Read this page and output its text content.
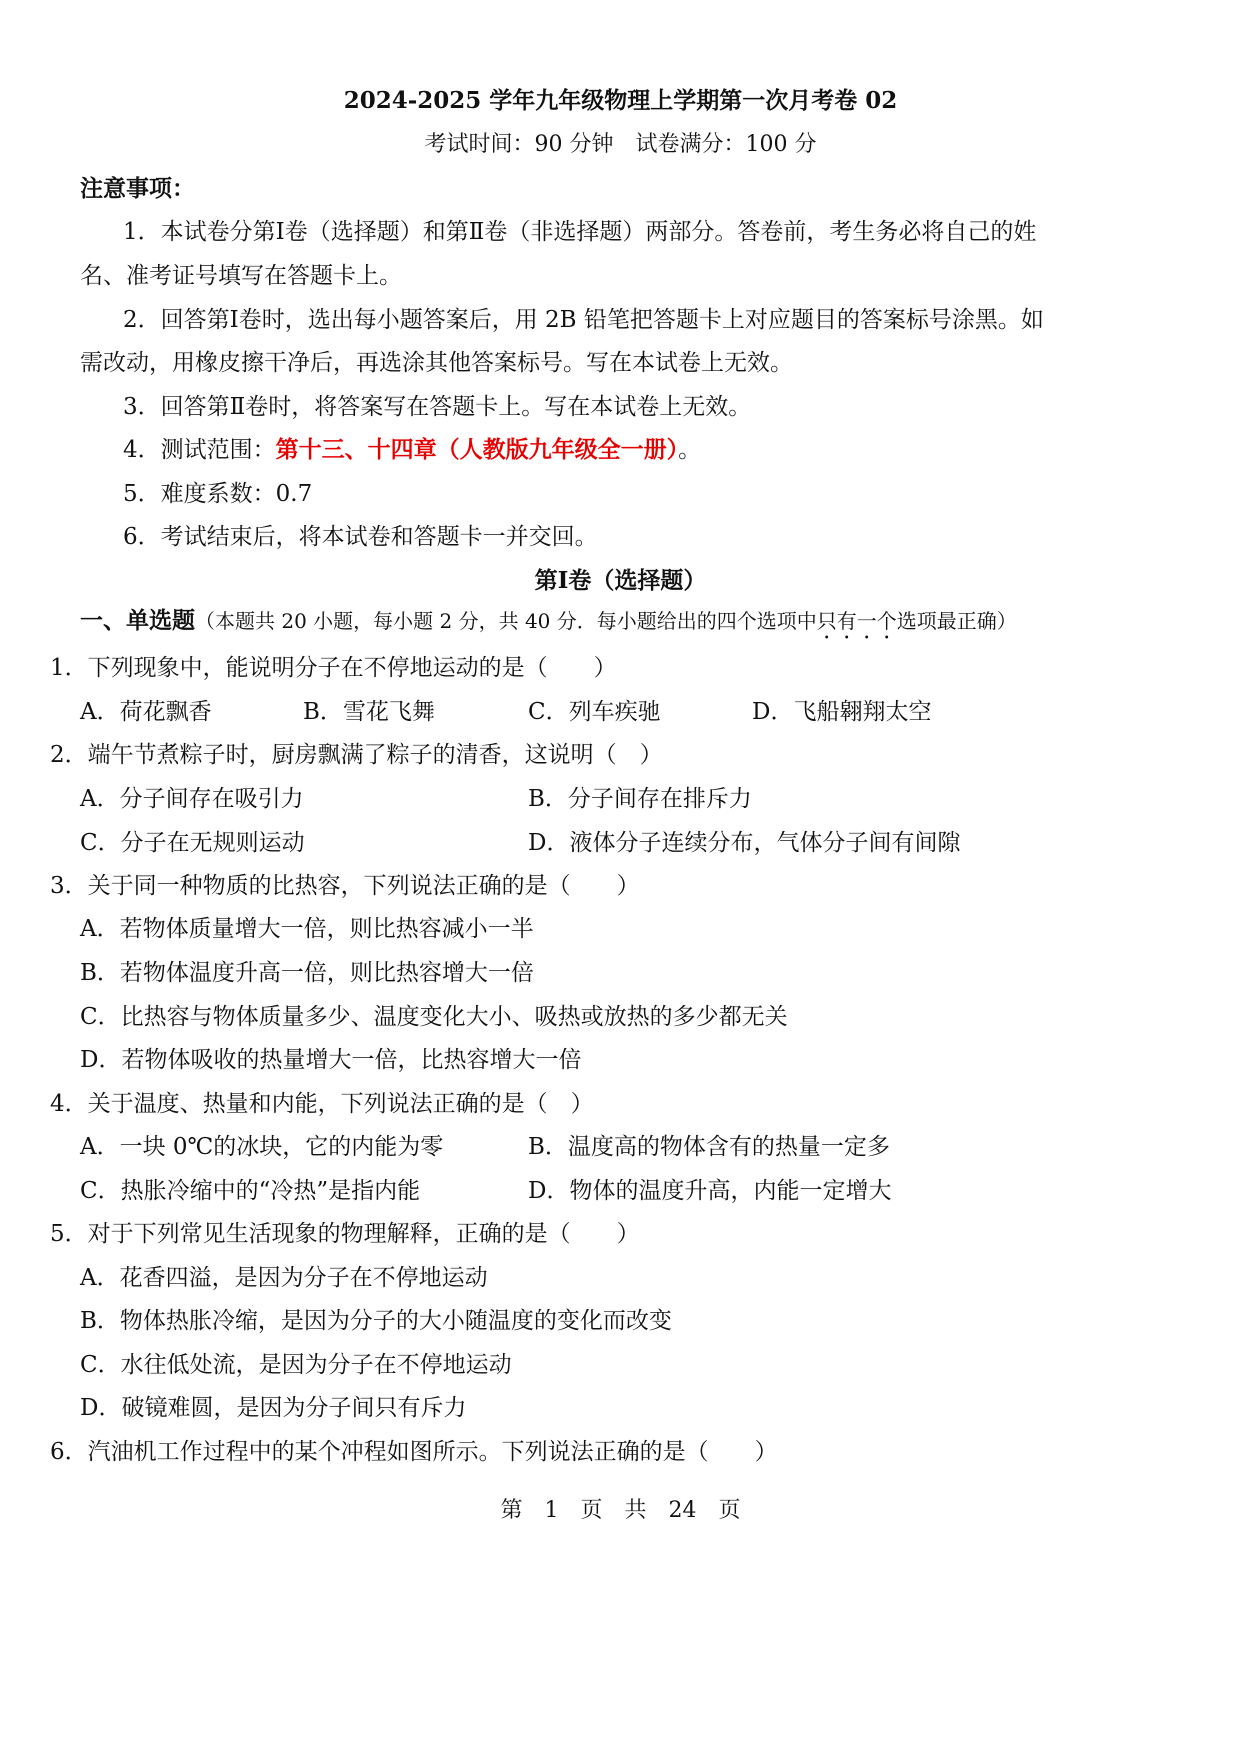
2024-2025 学年九年级物理上学期第一次月考卷 02
考试时间：90 分钟　试卷满分：100 分
注意事项：
1．本试卷分第Ⅰ卷（选择题）和第Ⅱ卷（非选择题）两部分。答卷前，考生务必将自己的姓
名、准考证号填写在答题卡上。
2．回答第Ⅰ卷时，选出每小题答案后，用 2B 铅笔把答题卡上对应题目的答案标号涂黑。如
需改动，用橡皮擦干净后，再选涂其他答案标号。写在本试卷上无效。
3．回答第Ⅱ卷时，将答案写在答题卡上。写在本试卷上无效。
4．测试范围：第十三、十四章（人教版九年级全一册）。
5．难度系数：0.7
6．考试结束后，将本试卷和答题卡一并交回。
第Ⅰ卷（选择题）
一、单选题（本题共 20 小题，每小题 2 分，共 40 分．每小题给出的四个选项中只有一个选项最正确）
1．下列现象中，能说明分子在不停地运动的是（　　）
A．荷花飘香	B．雪花飞舞	C．列车疾驰	D．飞船翱翔太空
2．端午节煮粽子时，厨房飘满了粽子的清香，这说明（　）
A．分子间存在吸引力	B．分子间存在排斥力
C．分子在无规则运动	D．液体分子连续分布，气体分子间有间隙
3．关于同一种物质的比热容，下列说法正确的是（　　）
A．若物体质量增大一倍，则比热容减小一半
B．若物体温度升高一倍，则比热容增大一倍
C．比热容与物体质量多少、温度变化大小、吸热或放热的多少都无关
D．若物体吸收的热量增大一倍，比热容增大一倍
4．关于温度、热量和内能，下列说法正确的是（　）
A．一块 0℃的冰块，它的内能为零	B．温度高的物体含有的热量一定多
C．热胀冷缩中的“冷热”是指内能	D．物体的温度升高，内能一定增大
5．对于下列常见生活现象的物理解释，正确的是（　　）
A．花香四溢，是因为分子在不停地运动
B．物体热胀冷缩，是因为分子的大小随温度的变化而改变
C．水往低处流，是因为分子在不停地运动
D．破镜难圆，是因为分子间只有斥力
6．汽油机工作过程中的某个冲程如图所示。下列说法正确的是（　　）
第　1　页　共　24　页
